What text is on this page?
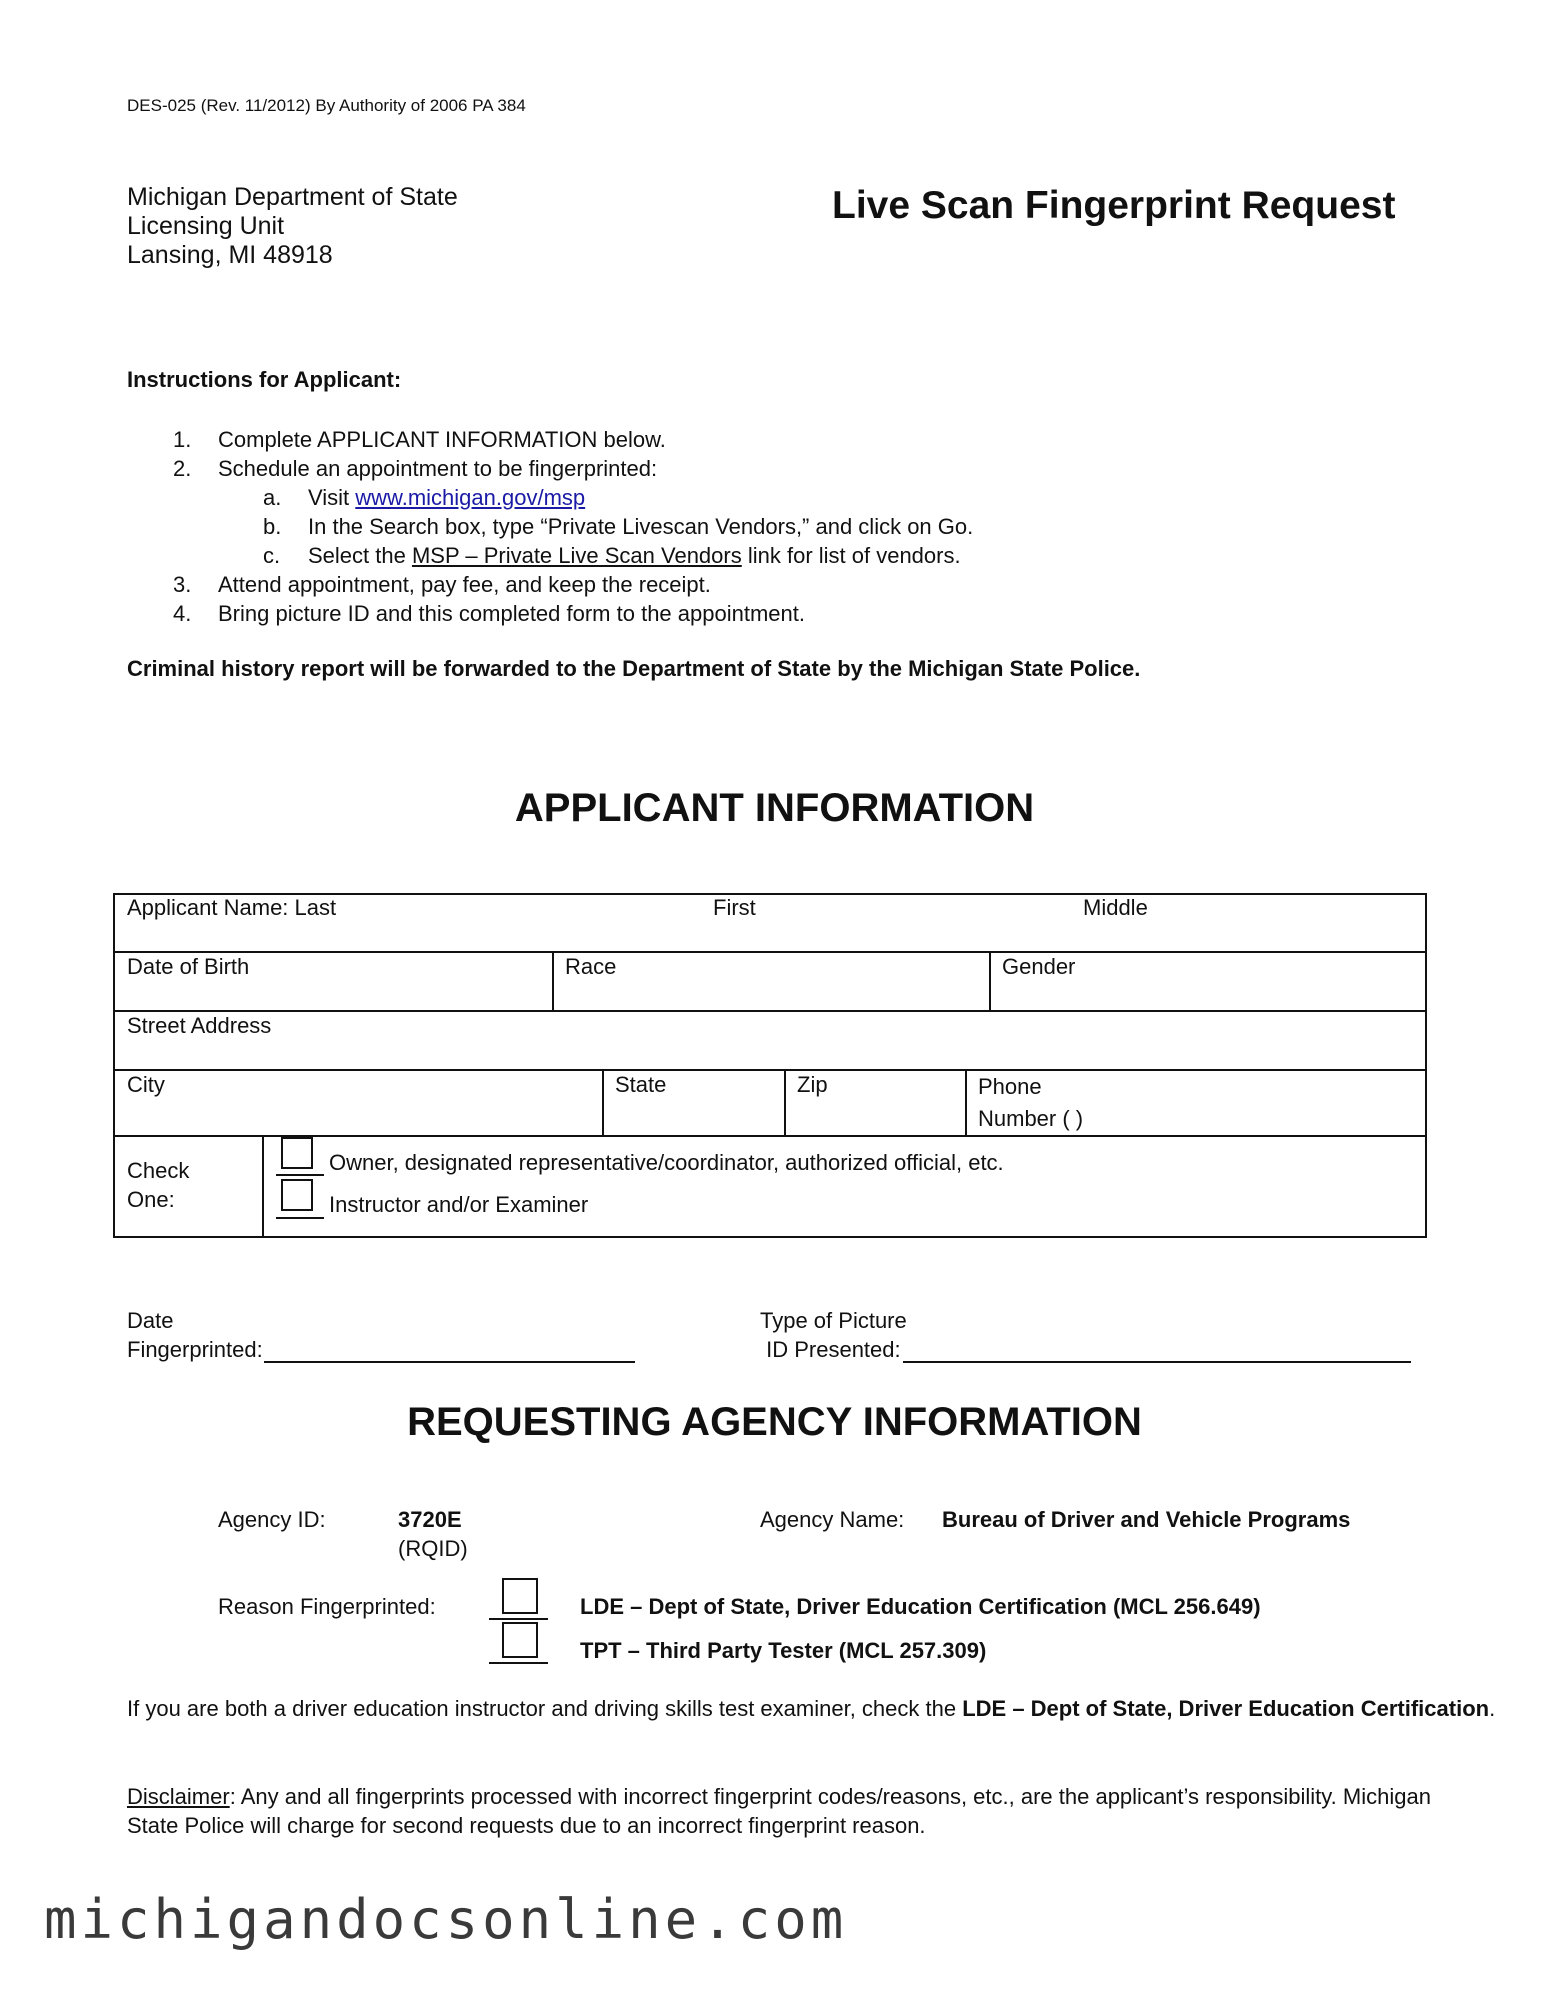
DES-025 (Rev. 11/2012) By Authority of 2006 PA 384
Michigan Department of State
Licensing Unit
Lansing, MI 48918
Live Scan Fingerprint Request
Instructions for Applicant:
1. Complete APPLICANT INFORMATION below.
2. Schedule an appointment to be fingerprinted:
a. Visit www.michigan.gov/msp
b. In the Search box, type “Private Livescan Vendors,” and click on Go.
c. Select the MSP – Private Live Scan Vendors link for list of vendors.
3. Attend appointment, pay fee, and keep the receipt.
4. Bring picture ID and this completed form to the appointment.
Criminal history report will be forwarded to the Department of State by the Michigan State Police.
APPLICANT INFORMATION
Applicant Name: Last	First	Middle
Date of Birth	Race	Gender
Street Address
City	State	Zip	Phone
Number ( )
Check
One:
Owner, designated representative/coordinator, authorized official, etc.
Instructor and/or Examiner
Date
Fingerprinted:
Type of Picture
ID Presented:
REQUESTING AGENCY INFORMATION
Agency ID:	3720E
(RQID)
Agency Name: Bureau of Driver and Vehicle Programs
Reason Fingerprinted:	LDE – Dept of State, Driver Education Certification (MCL 256.649)
TPT – Third Party Tester (MCL 257.309)
If you are both a driver education instructor and driving skills test examiner, check the LDE – Dept of State, Driver Education Certification.
Disclaimer: Any and all fingerprints processed with incorrect fingerprint codes/reasons, etc., are the applicant’s responsibility. Michigan
State Police will charge for second requests due to an incorrect fingerprint reason.
michigandocsonline.com
